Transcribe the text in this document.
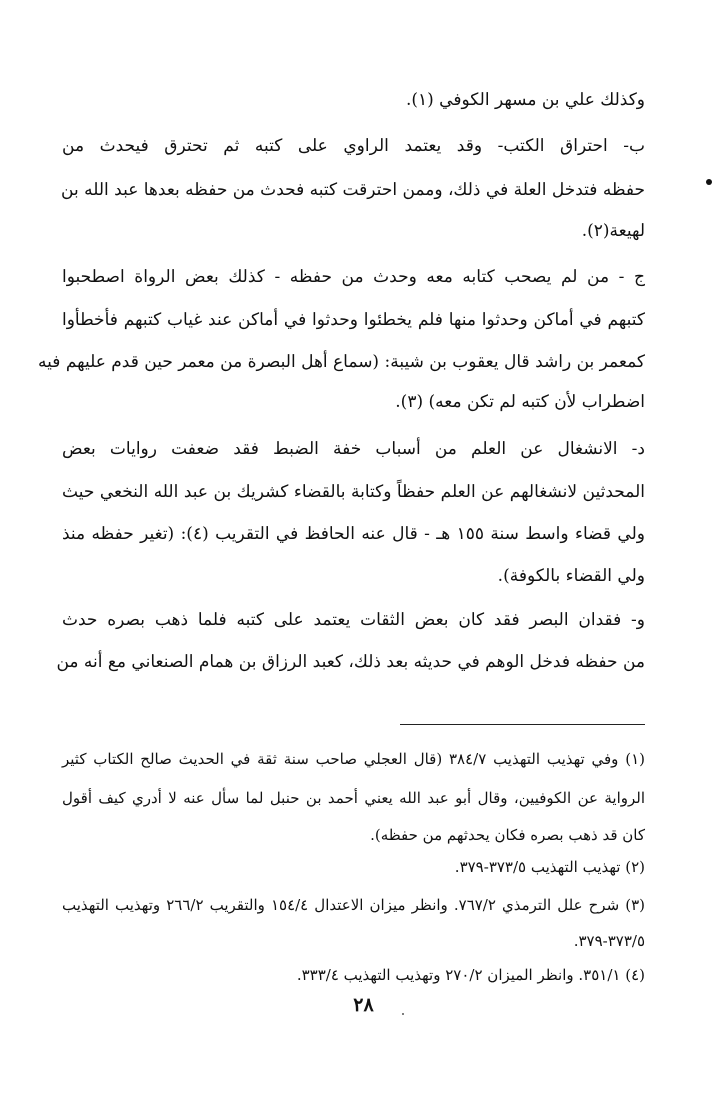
وكذلك علي بن مسهر الكوفي (١).
ب- احتراق الكتب- وقد يعتمد الراوي على كتبه ثم تحترق فيحدث من
حفظه فتدخل العلة في ذلك، وممن احترقت كتبه فحدث من حفظه بعدها عبد الله بن
لهيعة(٢).
ج - من لم يصحب كتابه معه وحدث من حفظه - كذلك بعض الرواة اصطحبوا
كتبهم في أماكن وحدثوا منها فلم يخطئوا وحدثوا في أماكن عند غياب كتبهم فأخطأوا
كمعمر بن راشد قال يعقوب بن شيبة: (سماع أهل البصرة من معمر حين قدم عليهم فيه
اضطراب لأن كتبه لم تكن معه) (٣).
د- الانشغال عن العلم من أسباب خفة الضبط فقد ضعفت روايات بعض
المحدثين لانشغالهم عن العلم حفظاً وكتابة بالقضاء كشريك بن عبد الله النخعي حيث
ولي قضاء واسط سنة ١٥٥ هـ - قال عنه الحافظ في التقريب (٤): (تغير حفظه منذ
ولي القضاء بالكوفة).
و- فقدان البصر فقد كان بعض الثقات يعتمد على كتبه فلما ذهب بصره حدث
من حفظه فدخل الوهم في حديثه بعد ذلك، كعبد الرزاق بن همام الصنعاني مع أنه من
(١) وفي تهذيب التهذيب ٣٨٤/٧ (قال العجلي صاحب سنة ثقة في الحديث صالح الكتاب كثير
الرواية عن الكوفيين، وقال أبو عبد الله يعني أحمد بن حنبل لما سأل عنه لا أدري كيف أقول
كان قد ذهب بصره فكان يحدثهم من حفظه).
(٢) تهذيب التهذيب ٣٧٣/٥-٣٧٩.
(٣) شرح علل الترمذي ٧٦٧/٢. وانظر ميزان الاعتدال ١٥٤/٤ والتقريب ٢٦٦/٢ وتهذيب التهذيب
٣٧٣/٥-٣٧٩.
(٤) ٣٥١/١. وانظر الميزان ٢٧٠/٢ وتهذيب التهذيب ٣٣٣/٤.
٢٨
